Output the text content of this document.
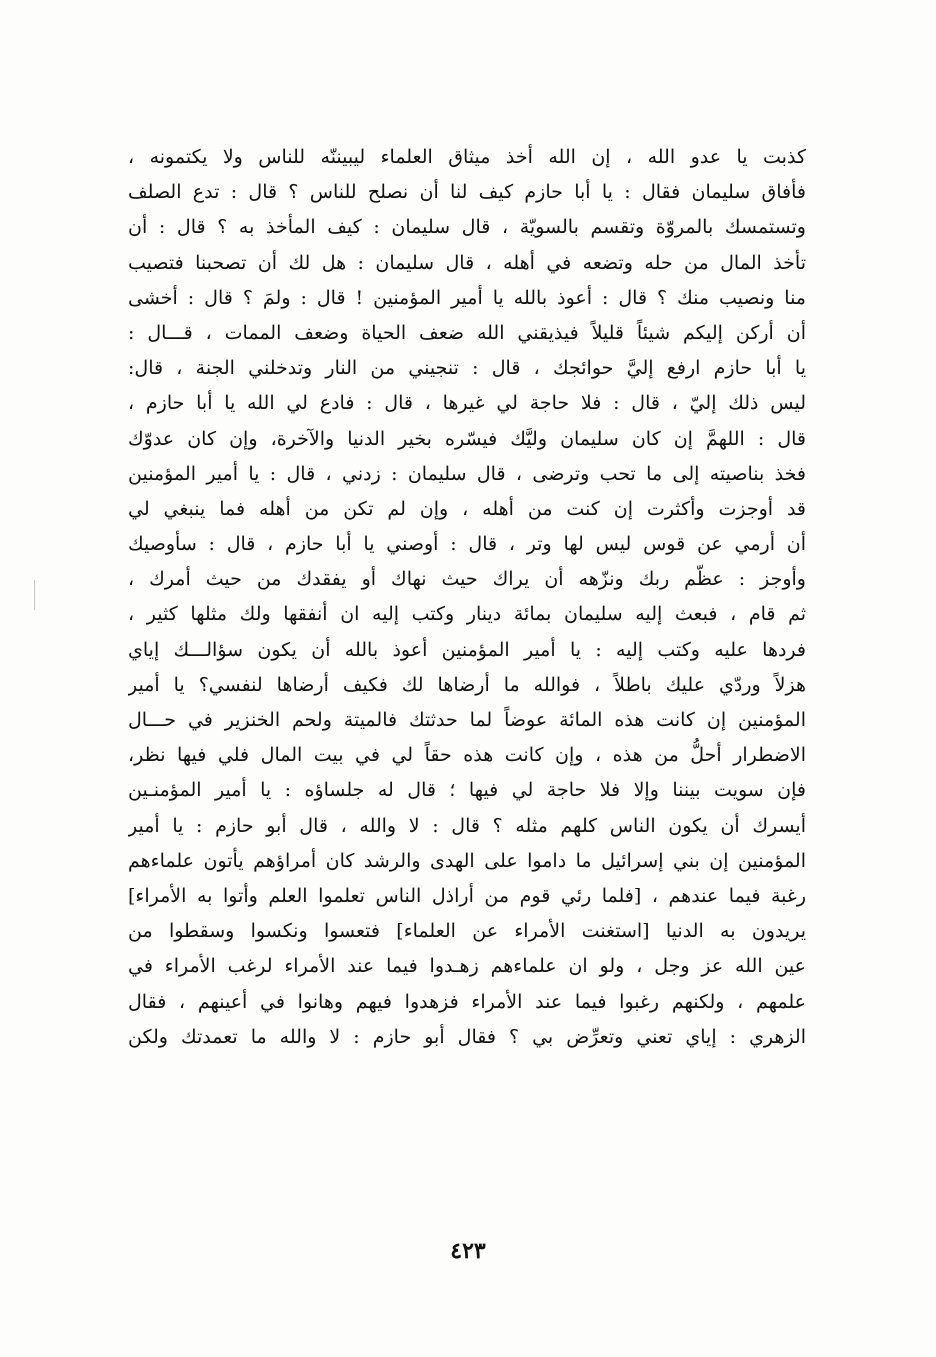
كذبت يا عدو الله ، إن الله أخذ ميثاق العلماء ليبيننّه للناس ولا يكتمونه ،
فأفاق سليمان فقال : يا أبا حازم كيف لنا أن نصلح للناس ؟ قال : تدع الصلف
وتستمسك بالمروّة وتقسم بالسويّة ، قال سليمان : كيف المأخذ به ؟ قال : أن
تأخذ المال من حله وتضعه في أهله ، قال سليمان : هل لك أن تصحبنا فتصيب
منا ونصيب منك ؟ قال : أعوذ بالله يا أمير المؤمنين ! قال : ولمَ ؟ قال : أخشى
أن أركن إليكم شيئاً قليلاً فيذيقني الله ضعف الحياة وضعف الممات ، قـــال :
يا أبا حازم ارفع إليَّ حوائجك ، قال : تنجيني من النار وتدخلني الجنة ، قال:
ليس ذلك إليّ ، قال : فلا حاجة لي غيرها ، قال : فادع لي الله يا أبا حازم ،
قال : اللهمَّ إن كان سليمان وليَّك فيسّره بخير الدنيا والآخرة، وإن كان عدوّك
فخذ بناصيته إلى ما تحب وترضى ، قال سليمان : زدني ، قال : يا أمير المؤمنين
قد أوجزت وأكثرت إن كنت من أهله ، وإن لم تكن من أهله فما ينبغي لي
أن أرمي عن قوس ليس لها وتر ، قال : أوصني يا أبا حازم ، قال : سأوصيك
وأوجز : عظّم ربك ونزّهه أن يراك حيث نهاك أو يفقدك من حيث أمرك ،
ثم قام ، فبعث إليه سليمان بمائة دينار وكتب إليه ان أنفقها ولك مثلها كثير ،
فردها عليه وكتب إليه : يا أمير المؤمنين أعوذ بالله أن يكون سؤالـــك إياي
هزلاً وردّي عليك باطلاً ، فوالله ما أرضاها لك فكيف أرضاها لنفسي؟ يا أمير
المؤمنين إن كانت هذه المائة عوضاً لما حدثتك فالميتة ولحم الخنزير في حـــال
الاضطرار أحلُّ من هذه ، وإن كانت هذه حقاً لي في بيت المال فلي فيها نظر،
فإن سويت بيننا وإلا فلا حاجة لي فيها ؛ قال له جلساؤه : يا أمير المؤمنـين
أيسرك أن يكون الناس كلهم مثله ؟ قال : لا والله ، قال أبو حازم : يا أمير
المؤمنين إن بني إسرائيل ما داموا على الهدى والرشد كان أمراؤهم يأتون علماءهم
رغبة فيما عندهم ، [فلما رئي قوم من أراذل الناس تعلموا العلم وأتوا به الأمراء]
يريدون به الدنيا [استغنت الأمراء عن العلماء] فتعسوا ونكسوا وسقطوا من
عين الله عز وجل ، ولو ان علماءهم زهـدوا فيما عند الأمراء لرغب الأمراء في
علمهم ، ولكنهم رغبوا فيما عند الأمراء فزهدوا فيهم وهانوا في أعينهم ، فقال
الزهري : إياي تعني وتعرِّض بي ؟ فقال أبو حازم : لا والله ما تعمدتك ولكن
٤٢٣
